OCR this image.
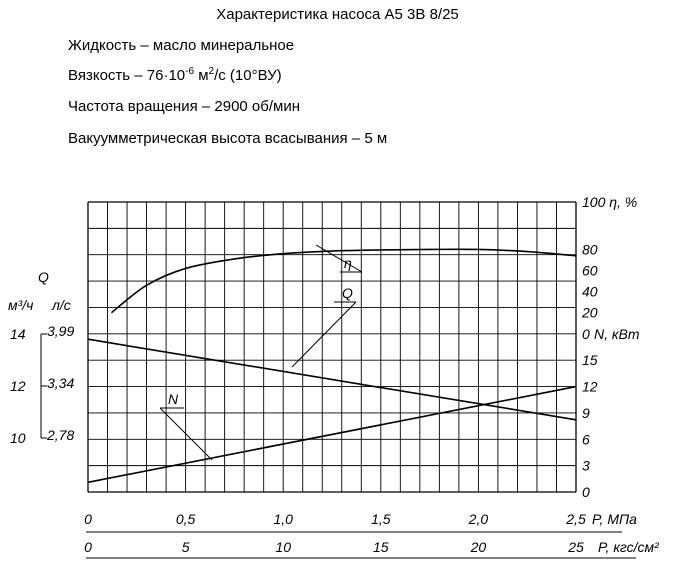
Характеристика насоса А5 3В 8/25
Жидкость – масло минеральное
Вязкость – $76\cdot 10^{-6}$ $м^2/с$ (10°ВУ)
Частота вращения – 2900 об/мин
Вакуумметрическая высота всасывания – 5 м
0
20
40
60
80
0
3
6
9
12
15
100 η, %
N, кВт
0	0,5	1,0	1,5	2,0	2,5
0	5	10	15	20	25
P, МПа
P, кгс/см²
Q
м³/ч л/с
14 3,99
12 3,34
10 2,78
η
Q
N
